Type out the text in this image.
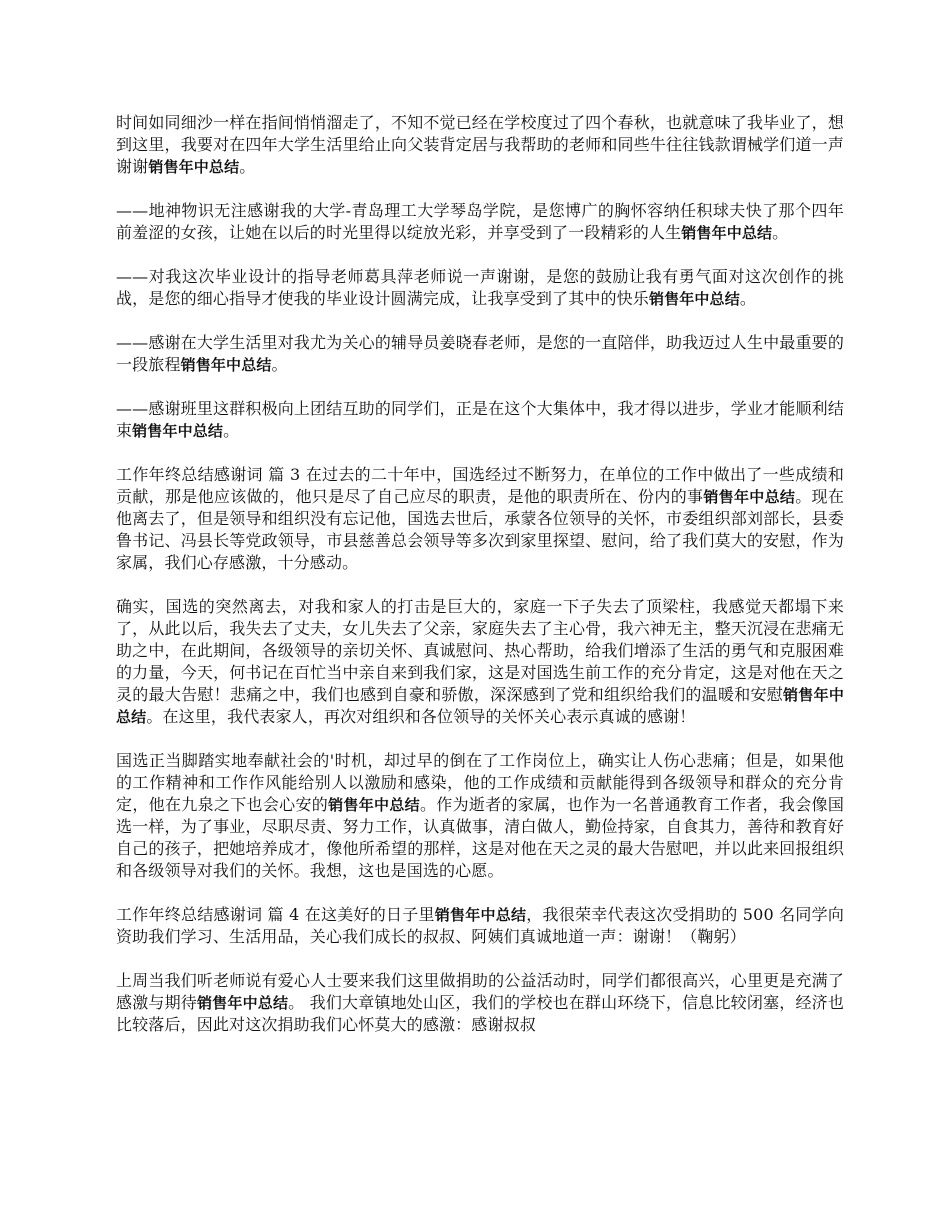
时间如同细沙一样在指间悄悄溜走了，不知不觉已经在学校度过了四个春秋，也就意味了我毕业了，想到这里，我要对在四年大学生活里给止向父装背定居与我帮助的老师和同些牛往往钱款谓械学们道一声谢谢销售年中总结。

——地神物识无注感谢我的大学-青岛理工大学琴岛学院，是您博广的胸怀容纳任积球夫快了那个四年前羞涩的女孩，让她在以后的时光里得以绽放光彩，并享受到了一段精彩的人生销售年中总结。

——对我这次毕业设计的指导老师葛具萍老师说一声谢谢，是您的鼓励让我有勇气面对这次创作的挑战，是您的细心指导才使我的毕业设计圆满完成，让我享受到了其中的快乐销售年中总结。

——感谢在大学生活里对我尤为关心的辅导员姜晓春老师，是您的一直陪伴，助我迈过人生中最重要的一段旅程销售年中总结。

——感谢班里这群积极向上团结互助的同学们，正是在这个大集体中，我才得以进步，学业才能顺利结束销售年中总结。

工作年终总结感谢词 篇 3 在过去的二十年中，国选经过不断努力，在单位的工作中做出了一些成绩和贡献，那是他应该做的，他只是尽了自己应尽的职责，是他的职责所在、份内的事销售年中总结。现在他离去了，但是领导和组织没有忘记他，国选去世后，承蒙各位领导的关怀，市委组织部刘部长，县委鲁书记、冯县长等党政领导，市县慈善总会领导等多次到家里探望、慰问，给了我们莫大的安慰，作为家属，我们心存感激，十分感动。

确实，国选的突然离去，对我和家人的打击是巨大的，家庭一下子失去了顶梁柱，我感觉天都塌下来了，从此以后，我失去了丈夫，女儿失去了父亲，家庭失去了主心骨，我六神无主，整天沉浸在悲痛无助之中，在此期间，各级领导的亲切关怀、真诚慰问、热心帮助，给我们增添了生活的勇气和克服困难的力量，今天，何书记在百忙当中亲自来到我们家，这是对国选生前工作的充分肯定，这是对他在天之灵的最大告慰！悲痛之中，我们也感到自豪和骄傲，深深感到了党和组织给我们的温暖和安慰销售年中总结。在这里，我代表家人，再次对组织和各位领导的关怀关心表示真诚的感谢！

国选正当脚踏实地奉献社会的'时机，却过早的倒在了工作岗位上，确实让人伤心悲痛；但是，如果他的工作精神和工作作风能给别人以激励和感染，他的工作成绩和贡献能得到各级领导和群众的充分肯定，他在九泉之下也会心安的销售年中总结。作为逝者的家属，也作为一名普通教育工作者，我会像国选一样，为了事业，尽职尽责、努力工作，认真做事，清白做人，勤俭持家，自食其力，善待和教育好自己的孩子，把她培养成才，像他所希望的那样，这是对他在天之灵的最大告慰吧，并以此来回报组织和各级领导对我们的关怀。我想，这也是国选的心愿。

工作年终总结感谢词 篇 4 在这美好的日子里销售年中总结，我很荣幸代表这次受捐助的 500 名同学向资助我们学习、生活用品，关心我们成长的叔叔、阿姨们真诚地道一声：谢谢！（鞠躬）

上周当我们听老师说有爱心人士要来我们这里做捐助的公益活动时，同学们都很高兴，心里更是充满了感激与期待销售年中总结。 我们大章镇地处山区，我们的学校也在群山环绕下，信息比较闭塞，经济也比较落后，因此对这次捐助我们心怀莫大的感激：感谢叔叔
